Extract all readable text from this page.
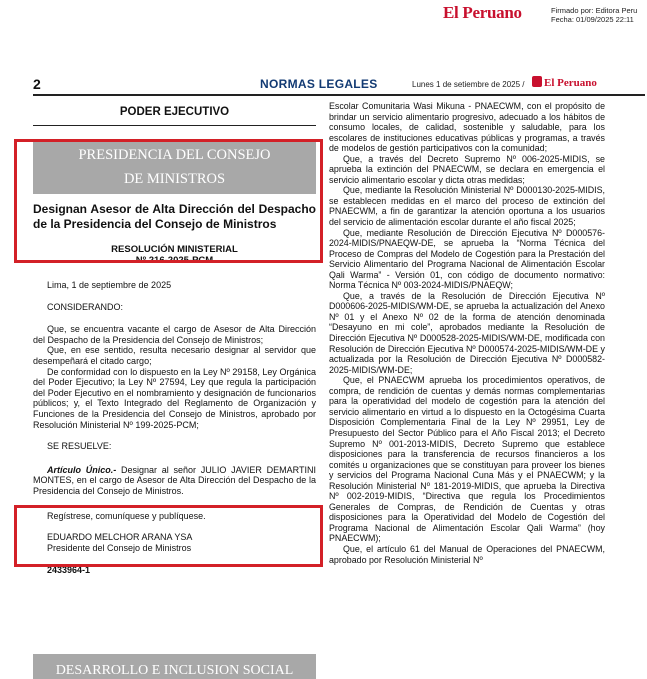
El Peruano	Firmado por: Editora Peru
Fecha: 01/09/2025 22:11
2	NORMAS LEGALES	Lunes 1 de setiembre de 2025 /	El Peruano
PODER EJECUTIVO
PRESIDENCIA DEL CONSEJO
DE MINISTROS
Designan Asesor de Alta Dirección del Despacho de la Presidencia del Consejo de Ministros
RESOLUCIÓN MINISTERIAL
Nº 216-2025-PCM

Lima, 1 de septiembre de 2025

CONSIDERANDO:

Que, se encuentra vacante el cargo de Asesor de Alta Dirección del Despacho de la Presidencia del Consejo de Ministros;

Que, en ese sentido, resulta necesario designar al servidor que desempeñará el citado cargo;

De conformidad con lo dispuesto en la Ley Nº 29158, Ley Orgánica del Poder Ejecutivo; la Ley Nº 27594, Ley que regula la participación del Poder Ejecutivo en el nombramiento y designación de funcionarios públicos; y, el Texto Integrado del Reglamento de Organización y Funciones de la Presidencia del Consejo de Ministros, aprobado por Resolución Ministerial Nº 199-2025-PCM;

SE RESUELVE:

Artículo Único.- Designar al señor JULIO JAVIER DEMARTINI MONTES, en el cargo de Asesor de Alta Dirección del Despacho de la Presidencia del Consejo de Ministros.

Regístrese, comuníquese y publíquese.

EDUARDO MELCHOR ARANA YSA

Presidente del Consejo de Ministros

2433964-1

DESARROLLO E INCLUSION SOCIAL

Escolar Comunitaria Wasi Mikuna - PNAECWM, con el propósito de brindar un servicio alimentario progresivo, adecuado a los hábitos de consumo locales, de calidad, sostenible y saludable, para los escolares de instituciones educativas públicas y programas, a través de modelos de gestión participativos con la comunidad;

Que, a través del Decreto Supremo Nº 006-2025-MIDIS, se aprueba la extinción del PNAECWM, se declara en emergencia el servicio alimentario escolar y dicta otras medidas;

Que, mediante la Resolución Ministerial Nº D000130-2025-MIDIS, se establecen medidas en el marco del proceso de extinción del PNAECWM, a fin de garantizar la atención oportuna a los usuarios del servicio de alimentación escolar durante el año fiscal 2025;

Que, mediante Resolución de Dirección Ejecutiva Nº D000576-2024-MIDIS/PNAEQW-DE, se aprueba la “Norma Técnica del Proceso de Compras del Modelo de Cogestión para la Prestación del Servicio Alimentario del Programa Nacional de Alimentación Escolar Qali Warma” - Versión 01, con código de documento normativo: Norma Técnica Nº 003-2024-MIDIS/PNAEQW;

Que, a través de la Resolución de Dirección Ejecutiva Nº D000606-2025-MIDIS/WM-DE, se aprueba la actualización del Anexo Nº 01 y el Anexo Nº 02 de la forma de atención denominada “Desayuno en mi cole”, aprobados mediante la Resolución de Dirección Ejecutiva Nº D000528-2025-MIDIS/WM-DE, modificada con Resolución de Dirección Ejecutiva Nº D000574-2025-MIDIS/WM-DE y actualizada por la Resolución de Dirección Ejecutiva Nº D000582-2025-MIDIS/WM-DE;

Que, el PNAECWM aprueba los procedimientos operativos, de compra, de rendición de cuentas y demás normas complementarias para la operatividad del modelo de cogestión para la atención del servicio alimentario en virtud a lo dispuesto en la Octogésima Cuarta Disposición Complementaria Final de la Ley Nº 29951, Ley de Presupuesto del Sector Público para el Año Fiscal 2013; el Decreto Supremo Nº 001-2013-MIDIS, Decreto Supremo que establece disposiciones para la transferencia de recursos financieros a los comités u organizaciones que se constituyan para proveer los bienes y servicios del Programa Nacional Cuna Más y el PNAECWM; y la Resolución Ministerial Nº 181-2019-MIDIS, que aprueba la Directiva Nº 002-2019-MIDIS, “Directiva que regula los Procedimientos Generales de Compras, de Rendición de Cuentas y otras disposiciones para la Operatividad del Modelo de Cogestión del Programa Nacional de Alimentación Escolar Qali Warma” (hoy PNAECWM);

Que, el artículo 61 del Manual de Operaciones del PNAECWM, aprobado por Resolución Ministerial Nº
